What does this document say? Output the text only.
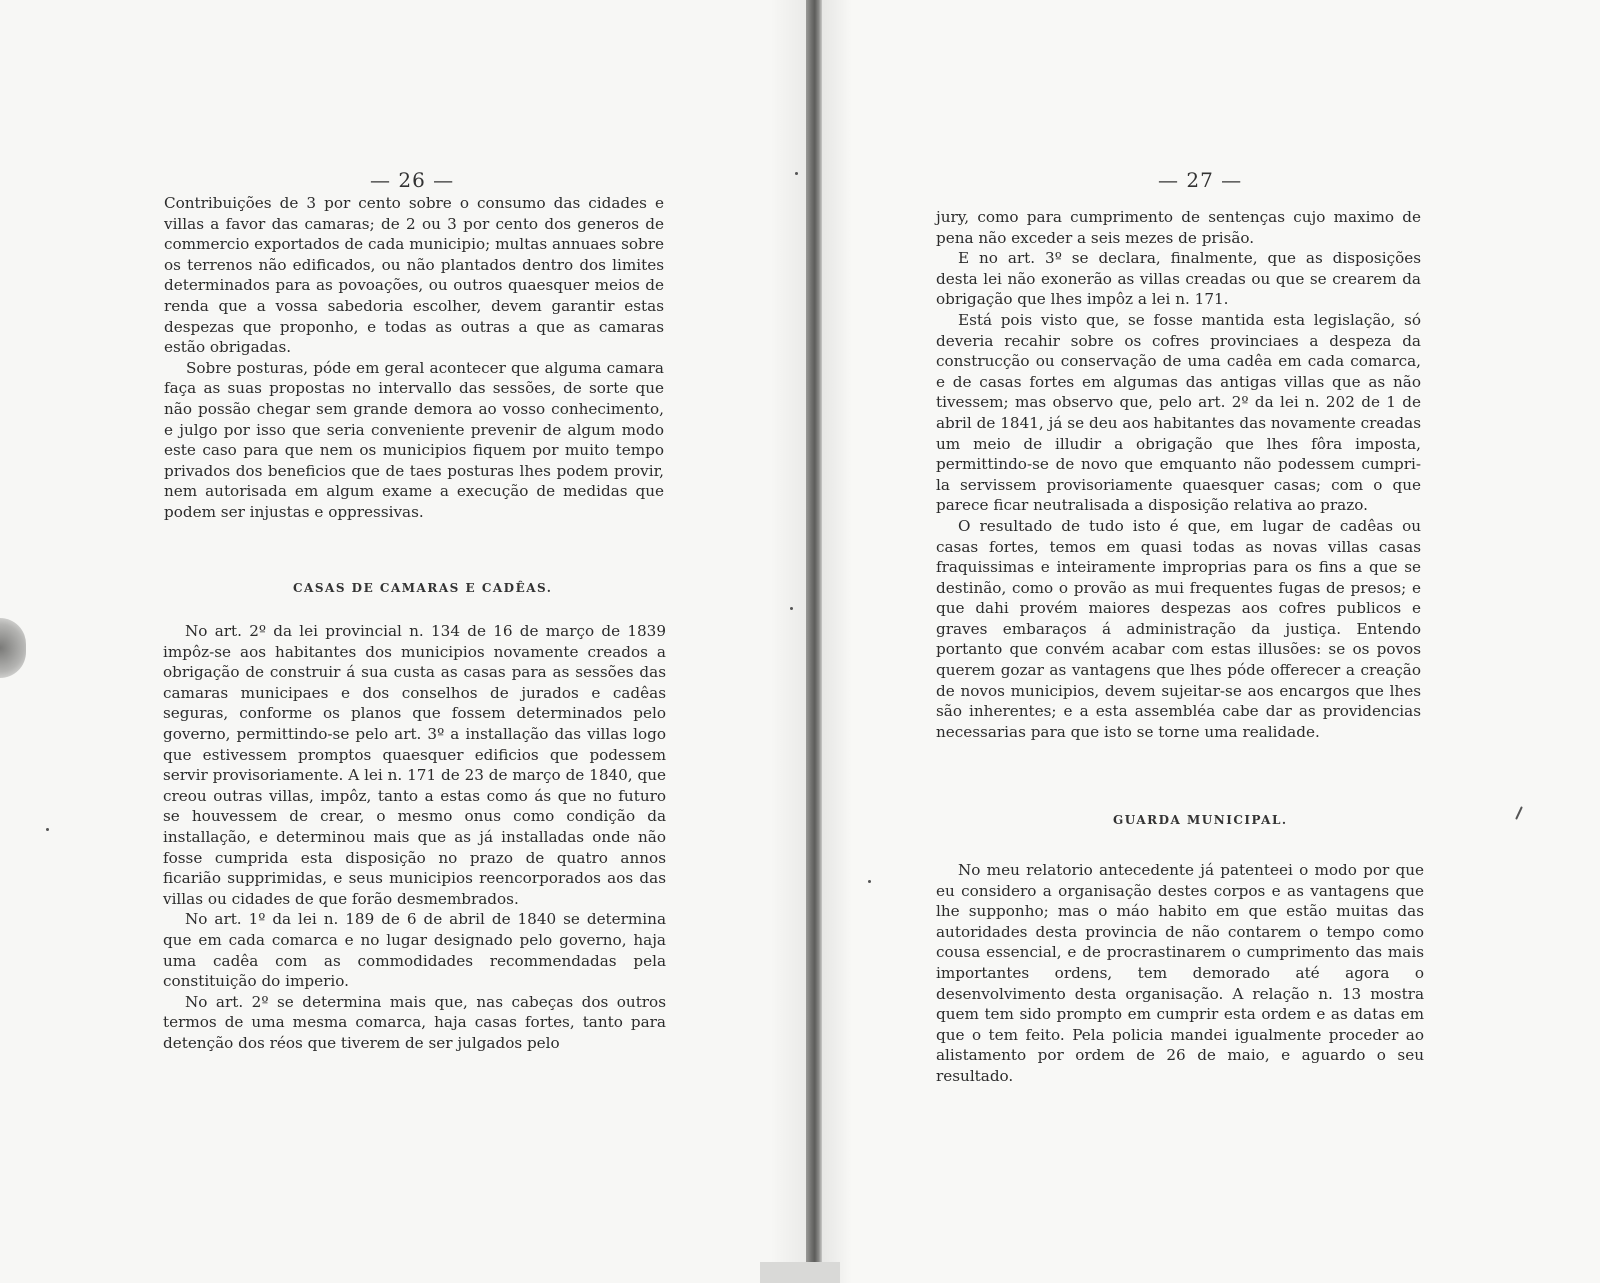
— 26 —

Contribuições de 3 por cento sobre o consumo das cidades e villas a favor das camaras; de 2 ou 3 por cento dos generos de commercio exportados de cada municipio; multas annuaes sobre os terrenos não edificados, ou não plantados dentro dos limites determinados para as povoações, ou outros quaesquer meios de renda que a vossa sabedoria escolher, devem garantir estas despezas que proponho, e todas as outras a que as camaras estão obrigadas.

Sobre posturas, póde em geral acontecer que alguma camara faça as suas propostas no intervallo das sessões, de sorte que não possão chegar sem grande demora ao vosso conhecimento, e julgo por isso que seria conveniente prevenir de algum modo este caso para que nem os municipios fiquem por muito tempo privados dos beneficios que de taes posturas lhes podem provir, nem autorisada em algum exame a execução de medidas que podem ser injustas e oppressivas.

CASAS DE CAMARAS E CADÊAS.

No art. 2º da lei provincial n. 134 de 16 de março de 1839 impôz-se aos habitantes dos municipios novamente creados a obrigação de construir á sua custa as casas para as sessões das camaras municipaes e dos conselhos de jurados e cadêas seguras, conforme os planos que fossem determinados pelo governo, permittindo-se pelo art. 3º a installação das villas logo que estivessem promptos quaesquer edificios que podessem servir provisoriamente. A lei n. 171 de 23 de março de 1840, que creou outras villas, impôz, tanto a estas como ás que no futuro se houvessem de crear, o mesmo onus como condição da installação, e determinou mais que as já installadas onde não fosse cumprida esta disposição no prazo de quatro annos ficarião supprimidas, e seus municipios reencorporados aos das villas ou cidades de que forão desmembrados.

No art. 1º da lei n. 189 de 6 de abril de 1840 se determina que em cada comarca e no lugar designado pelo governo, haja uma cadêa com as commodidades recommendadas pela constituição do imperio.

No art. 2º se determina mais que, nas cabeças dos outros termos de uma mesma comarca, haja casas fortes, tanto para detenção dos réos que tiverem de ser julgados pelo

— 27 —

jury, como para cumprimento de sentenças cujo maximo de pena não exceder a seis mezes de prisão.

E no art. 3º se declara, finalmente, que as disposições desta lei não exonerão as villas creadas ou que se crearem da obrigação que lhes impôz a lei n. 171.

Está pois visto que, se fosse mantida esta legislação, só deveria recahir sobre os cofres provinciaes a despeza da construcção ou conservação de uma cadêa em cada comarca, e de casas fortes em algumas das antigas villas que as não tivessem; mas observo que, pelo art. 2º da lei n. 202 de 1 de abril de 1841, já se deu aos habitantes das novamente creadas um meio de illudir a obrigação que lhes fôra imposta, permittindo-se de novo que emquanto não podessem cumpri-la servissem provisoriamente quaesquer casas; com o que parece ficar neutralisada a disposição relativa ao prazo.

O resultado de tudo isto é que, em lugar de cadêas ou casas fortes, temos em quasi todas as novas villas casas fraquissimas e inteiramente improprias para os fins a que se destinão, como o provão as mui frequentes fugas de presos; e que dahi provém maiores despezas aos cofres publicos e graves embaraços á administração da justiça. Entendo portanto que convém acabar com estas illusões: se os povos querem gozar as vantagens que lhes póde offerecer a creação de novos municipios, devem sujeitar-se aos encargos que lhes são inherentes; e a esta assembléa cabe dar as providencias necessarias para que isto se torne uma realidade.

GUARDA MUNICIPAL.

No meu relatorio antecedente já patenteei o modo por que eu considero a organisação destes corpos e as vantagens que lhe supponho; mas o máo habito em que estão muitas das autoridades desta provincia de não contarem o tempo como cousa essencial, e de procrastinarem o cumprimento das mais importantes ordens, tem demorado até agora o desenvolvimento desta organisação. A relação n. 13 mostra quem tem sido prompto em cumprir esta ordem e as datas em que o tem feito. Pela policia mandei igualmente proceder ao alistamento por ordem de 26 de maio, e aguardo o seu resultado.
